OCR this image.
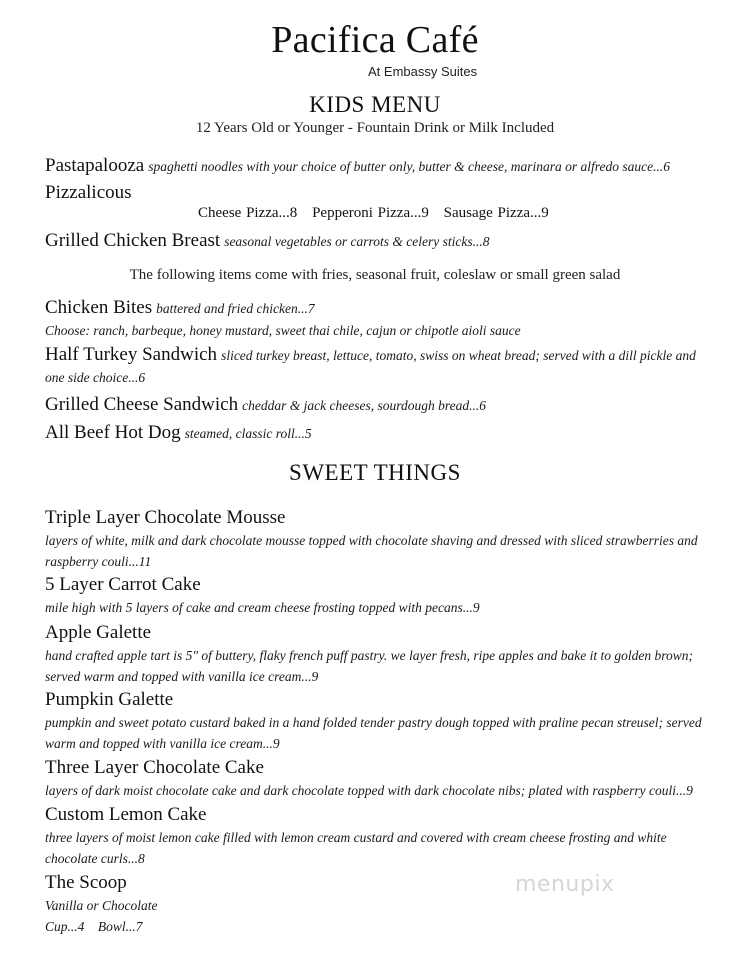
Pacifica Café
At Embassy Suites
KIDS MENU
12 Years Old or Younger - Fountain Drink or Milk Included
Pastapalooza spaghetti noodles with your choice of butter only, butter & cheese, marinara or alfredo sauce...6
Pizzalicous
Cheese Pizza...8 Pepperoni Pizza...9 Sausage Pizza...9
Grilled Chicken Breast seasonal vegetables or carrots & celery sticks...8
The following items come with fries, seasonal fruit, coleslaw or small green salad
Chicken Bites battered and fried chicken...7
Choose: ranch, barbeque, honey mustard, sweet thai chile, cajun or chipotle aioli sauce
Half Turkey Sandwich sliced turkey breast, lettuce, tomato, swiss on wheat bread; served with a dill pickle and one side choice...6
Grilled Cheese Sandwich cheddar & jack cheeses, sourdough bread...6
All Beef Hot Dog steamed, classic roll...5
SWEET THINGS
Triple Layer Chocolate Mousse
layers of white, milk and dark chocolate mousse topped with chocolate shaving and dressed with sliced strawberries and raspberry couli...11
5 Layer Carrot Cake
mile high with 5 layers of cake and cream cheese frosting topped with pecans...9
Apple Galette
hand crafted apple tart is 5" of buttery, flaky french puff pastry. we layer fresh, ripe apples and bake it to golden brown; served warm and topped with vanilla ice cream...9
Pumpkin Galette
pumpkin and sweet potato custard baked in a hand folded tender pastry dough topped with praline pecan streusel; served warm and topped with vanilla ice cream...9
Three Layer Chocolate Cake
layers of dark moist chocolate cake and dark chocolate topped with dark chocolate nibs; plated with raspberry couli...9
Custom Lemon Cake
three layers of moist lemon cake filled with lemon cream custard and covered with cream cheese frosting and white chocolate curls...8
The Scoop
Vanilla or Chocolate
Cup...4    Bowl...7
menupix
